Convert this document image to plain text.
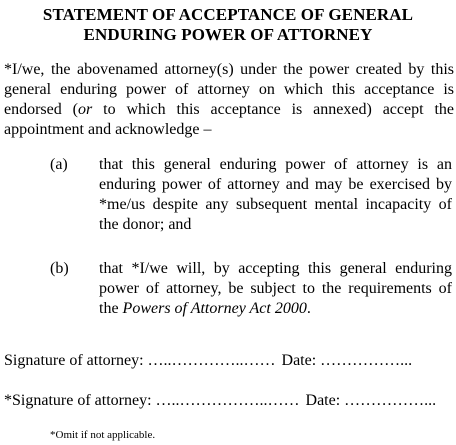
STATEMENT OF ACCEPTANCE OF GENERAL
ENDURING POWER OF ATTORNEY
*I/we, the abovenamed attorney(s) under the power created by this general enduring power of attorney on which this acceptance is endorsed (or to which this acceptance is annexed) accept the appointment and acknowledge –
(a) that this general enduring power of attorney is an enduring power of attorney and may be exercised by *me/us despite any subsequent mental incapacity of the donor; and
(b) that *I/we will, by accepting this general enduring power of attorney, be subject to the requirements of the Powers of Attorney Act 2000.
Signature of attorney: …..…………..…… Date: ……………...
*Signature of attorney: …..……………..…… Date: ……………...
*Omit if not applicable.
